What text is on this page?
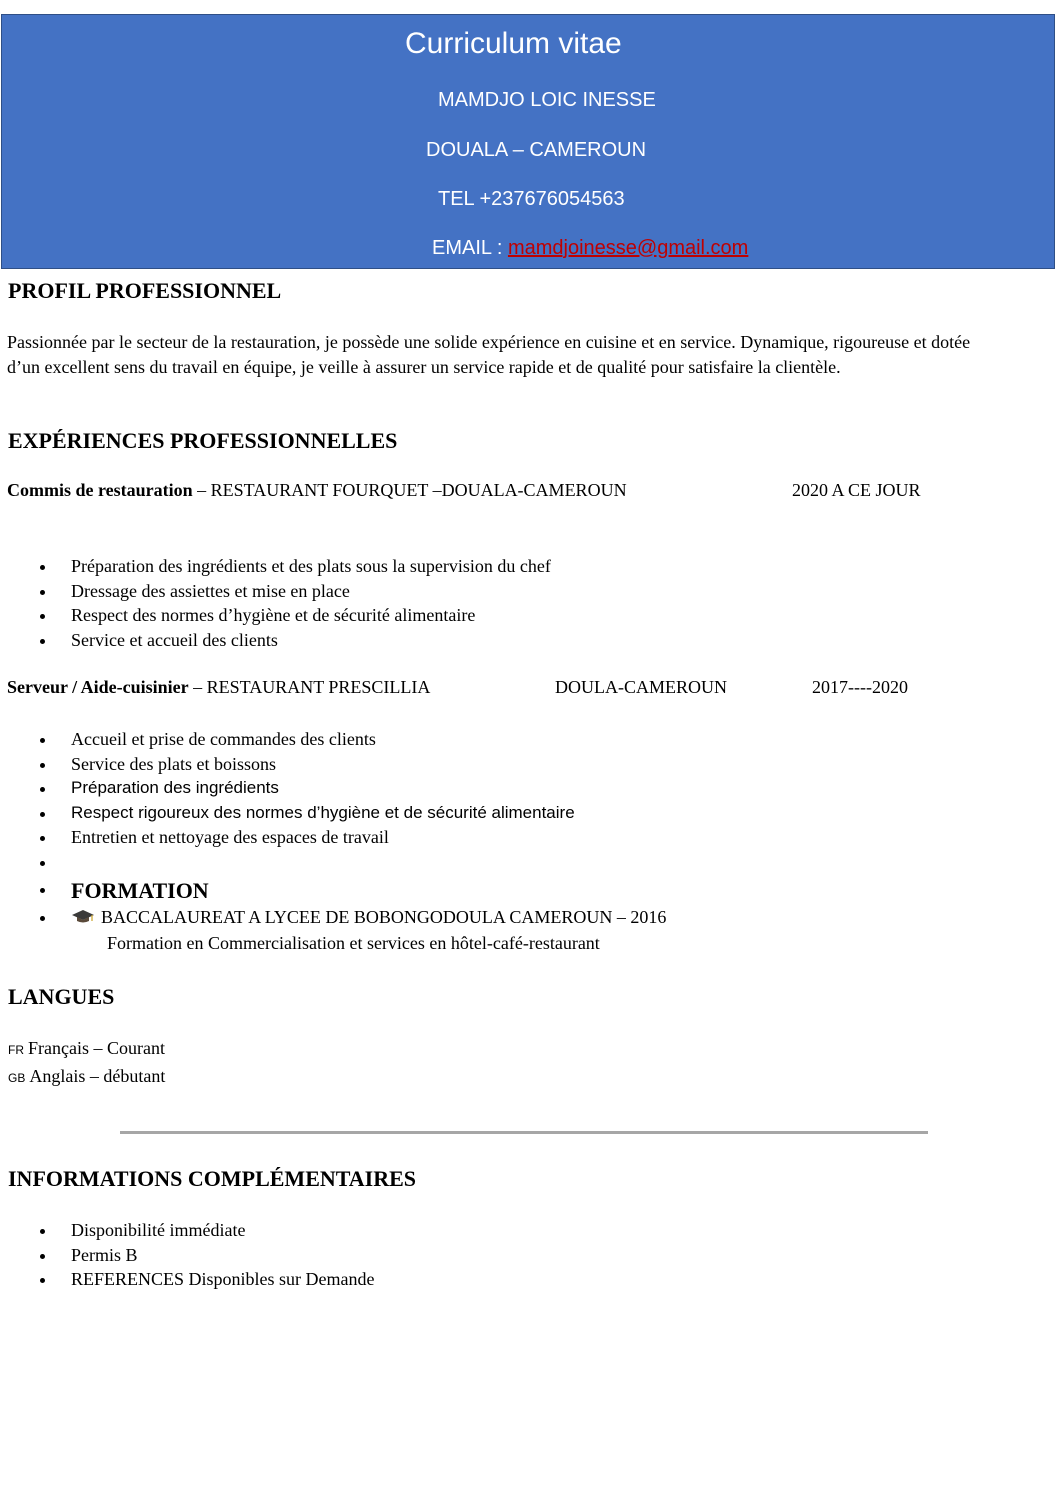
Curriculum vitae
MAMDJO LOIC INESSE
DOUALA – CAMEROUN
TEL +237676054563
EMAIL : mamdjoinesse@gmail.com
PROFIL PROFESSIONNEL
Passionnée par le secteur de la restauration, je possède une solide expérience en cuisine et en service. Dynamique, rigoureuse et dotée d’un excellent sens du travail en équipe, je veille à assurer un service rapide et de qualité pour satisfaire la clientèle.
EXPÉRIENCES PROFESSIONNELLES
Commis de restauration – RESTAURANT FOURQUET –DOUALA-CAMEROUN	2020 A CE JOUR
Préparation des ingrédients et des plats sous la supervision du chef
Dressage des assiettes et mise en place
Respect des normes d’hygiène et de sécurité alimentaire
Service et accueil des clients
Serveur / Aide-cuisinier – RESTAURANT PRESCILLIA	DOULA-CAMEROUN	2017----2020
Accueil et prise de commandes des clients
Service des plats et boissons
Préparation des ingrédients
Respect rigoureux des normes d’hygiène et de sécurité alimentaire
Entretien et nettoyage des espaces de travail
FORMATION
BACCALAUREAT A LYCEE DE BOBONGODOULA CAMEROUN – 2016
Formation en Commercialisation et services en hôtel-café-restaurant
LANGUES
FR Français – Courant
GB Anglais – débutant
INFORMATIONS COMPLÉMENTAIRES
Disponibilité immédiate
Permis B
REFERENCES Disponibles sur Demande
